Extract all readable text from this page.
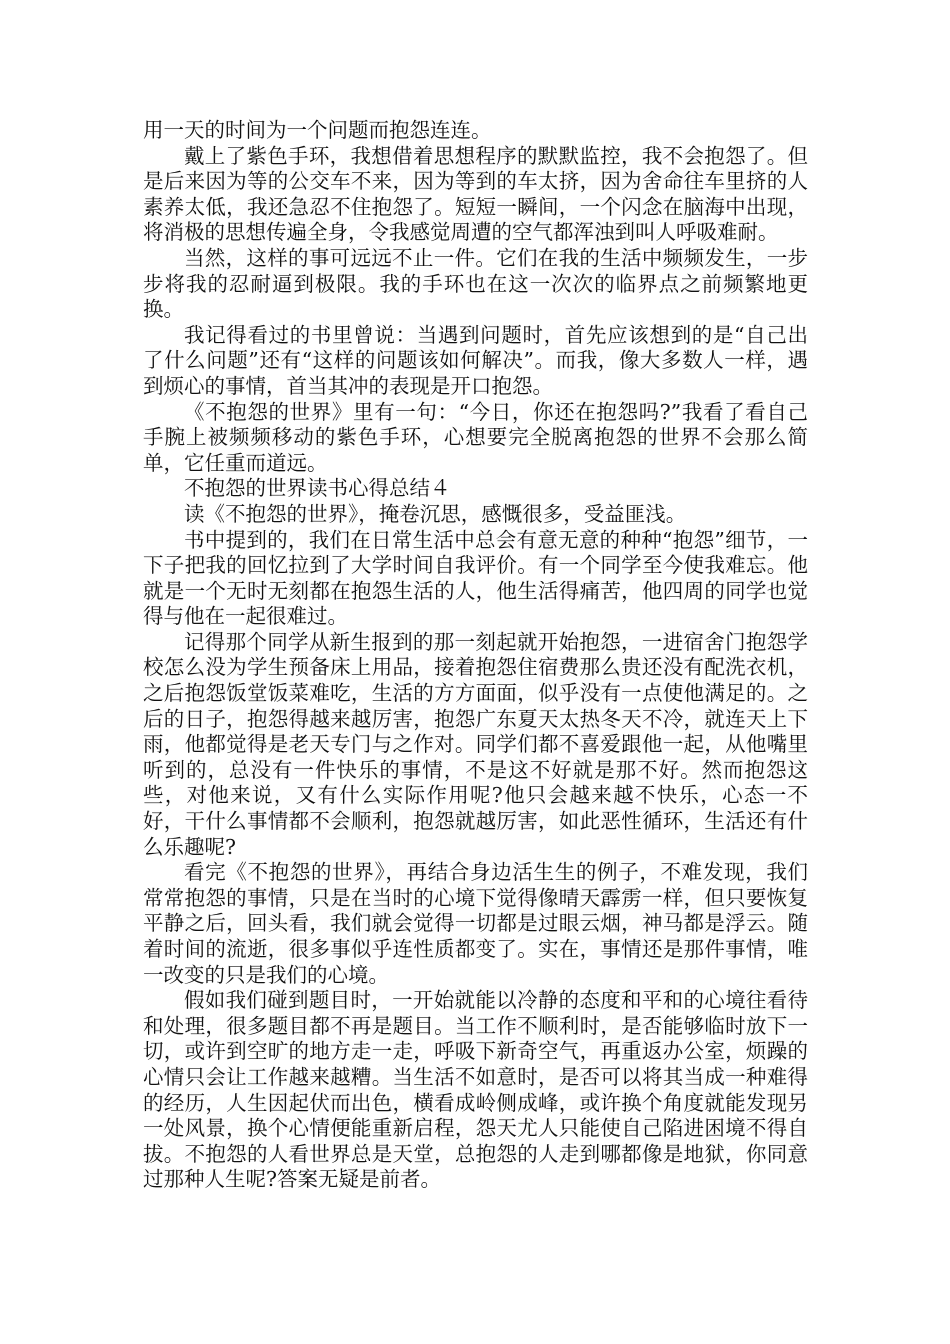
用一天的时间为一个问题而抱怨连连。

戴上了紫色手环，我想借着思想程序的默默监控，我不会抱怨了。但是后来因为等的公交车不来，因为等到的车太挤，因为舍命往车里挤的人素养太低，我还急忍不住抱怨了。短短一瞬间，一个闪念在脑海中出现，将消极的思想传遍全身，令我感觉周遭的空气都浑浊到叫人呼吸难耐。

当然，这样的事可远远不止一件。它们在我的生活中频频发生，一步步将我的忍耐逼到极限。我的手环也在这一次次的临界点之前频繁地更换。

我记得看过的书里曾说：当遇到问题时，首先应该想到的是“自己出了什么问题”还有“这样的问题该如何解决”。而我，像大多数人一样，遇到烦心的事情，首当其冲的表现是开口抱怨。

《不抱怨的世界》里有一句：“今日，你还在抱怨吗?”我看了看自己手腕上被频频移动的紫色手环，心想要完全脱离抱怨的世界不会那么简单，它任重而道远。

不抱怨的世界读书心得总结４

读《不抱怨的世界》，掩卷沉思，感慨很多，受益匪浅。

书中提到的，我们在日常生活中总会有意无意的种种“抱怨”细节，一下子把我的回忆拉到了大学时间自我评价。有一个同学至今使我难忘。他就是一个无时无刻都在抱怨生活的人，他生活得痛苦，他四周的同学也觉得与他在一起很难过。

记得那个同学从新生报到的那一刻起就开始抱怨，一进宿舍门抱怨学校怎么没为学生预备床上用品，接着抱怨住宿费那么贵还没有配洗衣机，之后抱怨饭堂饭菜难吃，生活的方方面面，似乎没有一点使他满足的。之后的日子，抱怨得越来越厉害，抱怨广东夏天太热冬天不冷，就连天上下雨，他都觉得是老天专门与之作对。同学们都不喜爱跟他一起，从他嘴里听到的，总没有一件快乐的事情，不是这不好就是那不好。然而抱怨这些，对他来说，又有什么实际作用呢?他只会越来越不快乐，心态一不好，干什么事情都不会顺利，抱怨就越厉害，如此恶性循环，生活还有什么乐趣呢?

看完《不抱怨的世界》，再结合身边活生生的例子，不难发现，我们常常抱怨的事情，只是在当时的心境下觉得像晴天霹雳一样，但只要恢复平静之后，回头看，我们就会觉得一切都是过眼云烟，神马都是浮云。随着时间的流逝，很多事似乎连性质都变了。实在，事情还是那件事情，唯一改变的只是我们的心境。

假如我们碰到题目时，一开始就能以冷静的态度和平和的心境往看待和处理，很多题目都不再是题目。当工作不顺利时，是否能够临时放下一切，或许到空旷的地方走一走，呼吸下新奇空气，再重返办公室，烦躁的心情只会让工作越来越糟。当生活不如意时，是否可以将其当成一种难得的经历，人生因起伏而出色，横看成岭侧成峰，或许换个角度就能发现另一处风景，换个心情便能重新启程，怨天尤人只能使自己陷进困境不得自拔。不抱怨的人看世界总是天堂，总抱怨的人走到哪都像是地狱，你同意过那种人生呢?答案无疑是前者。
